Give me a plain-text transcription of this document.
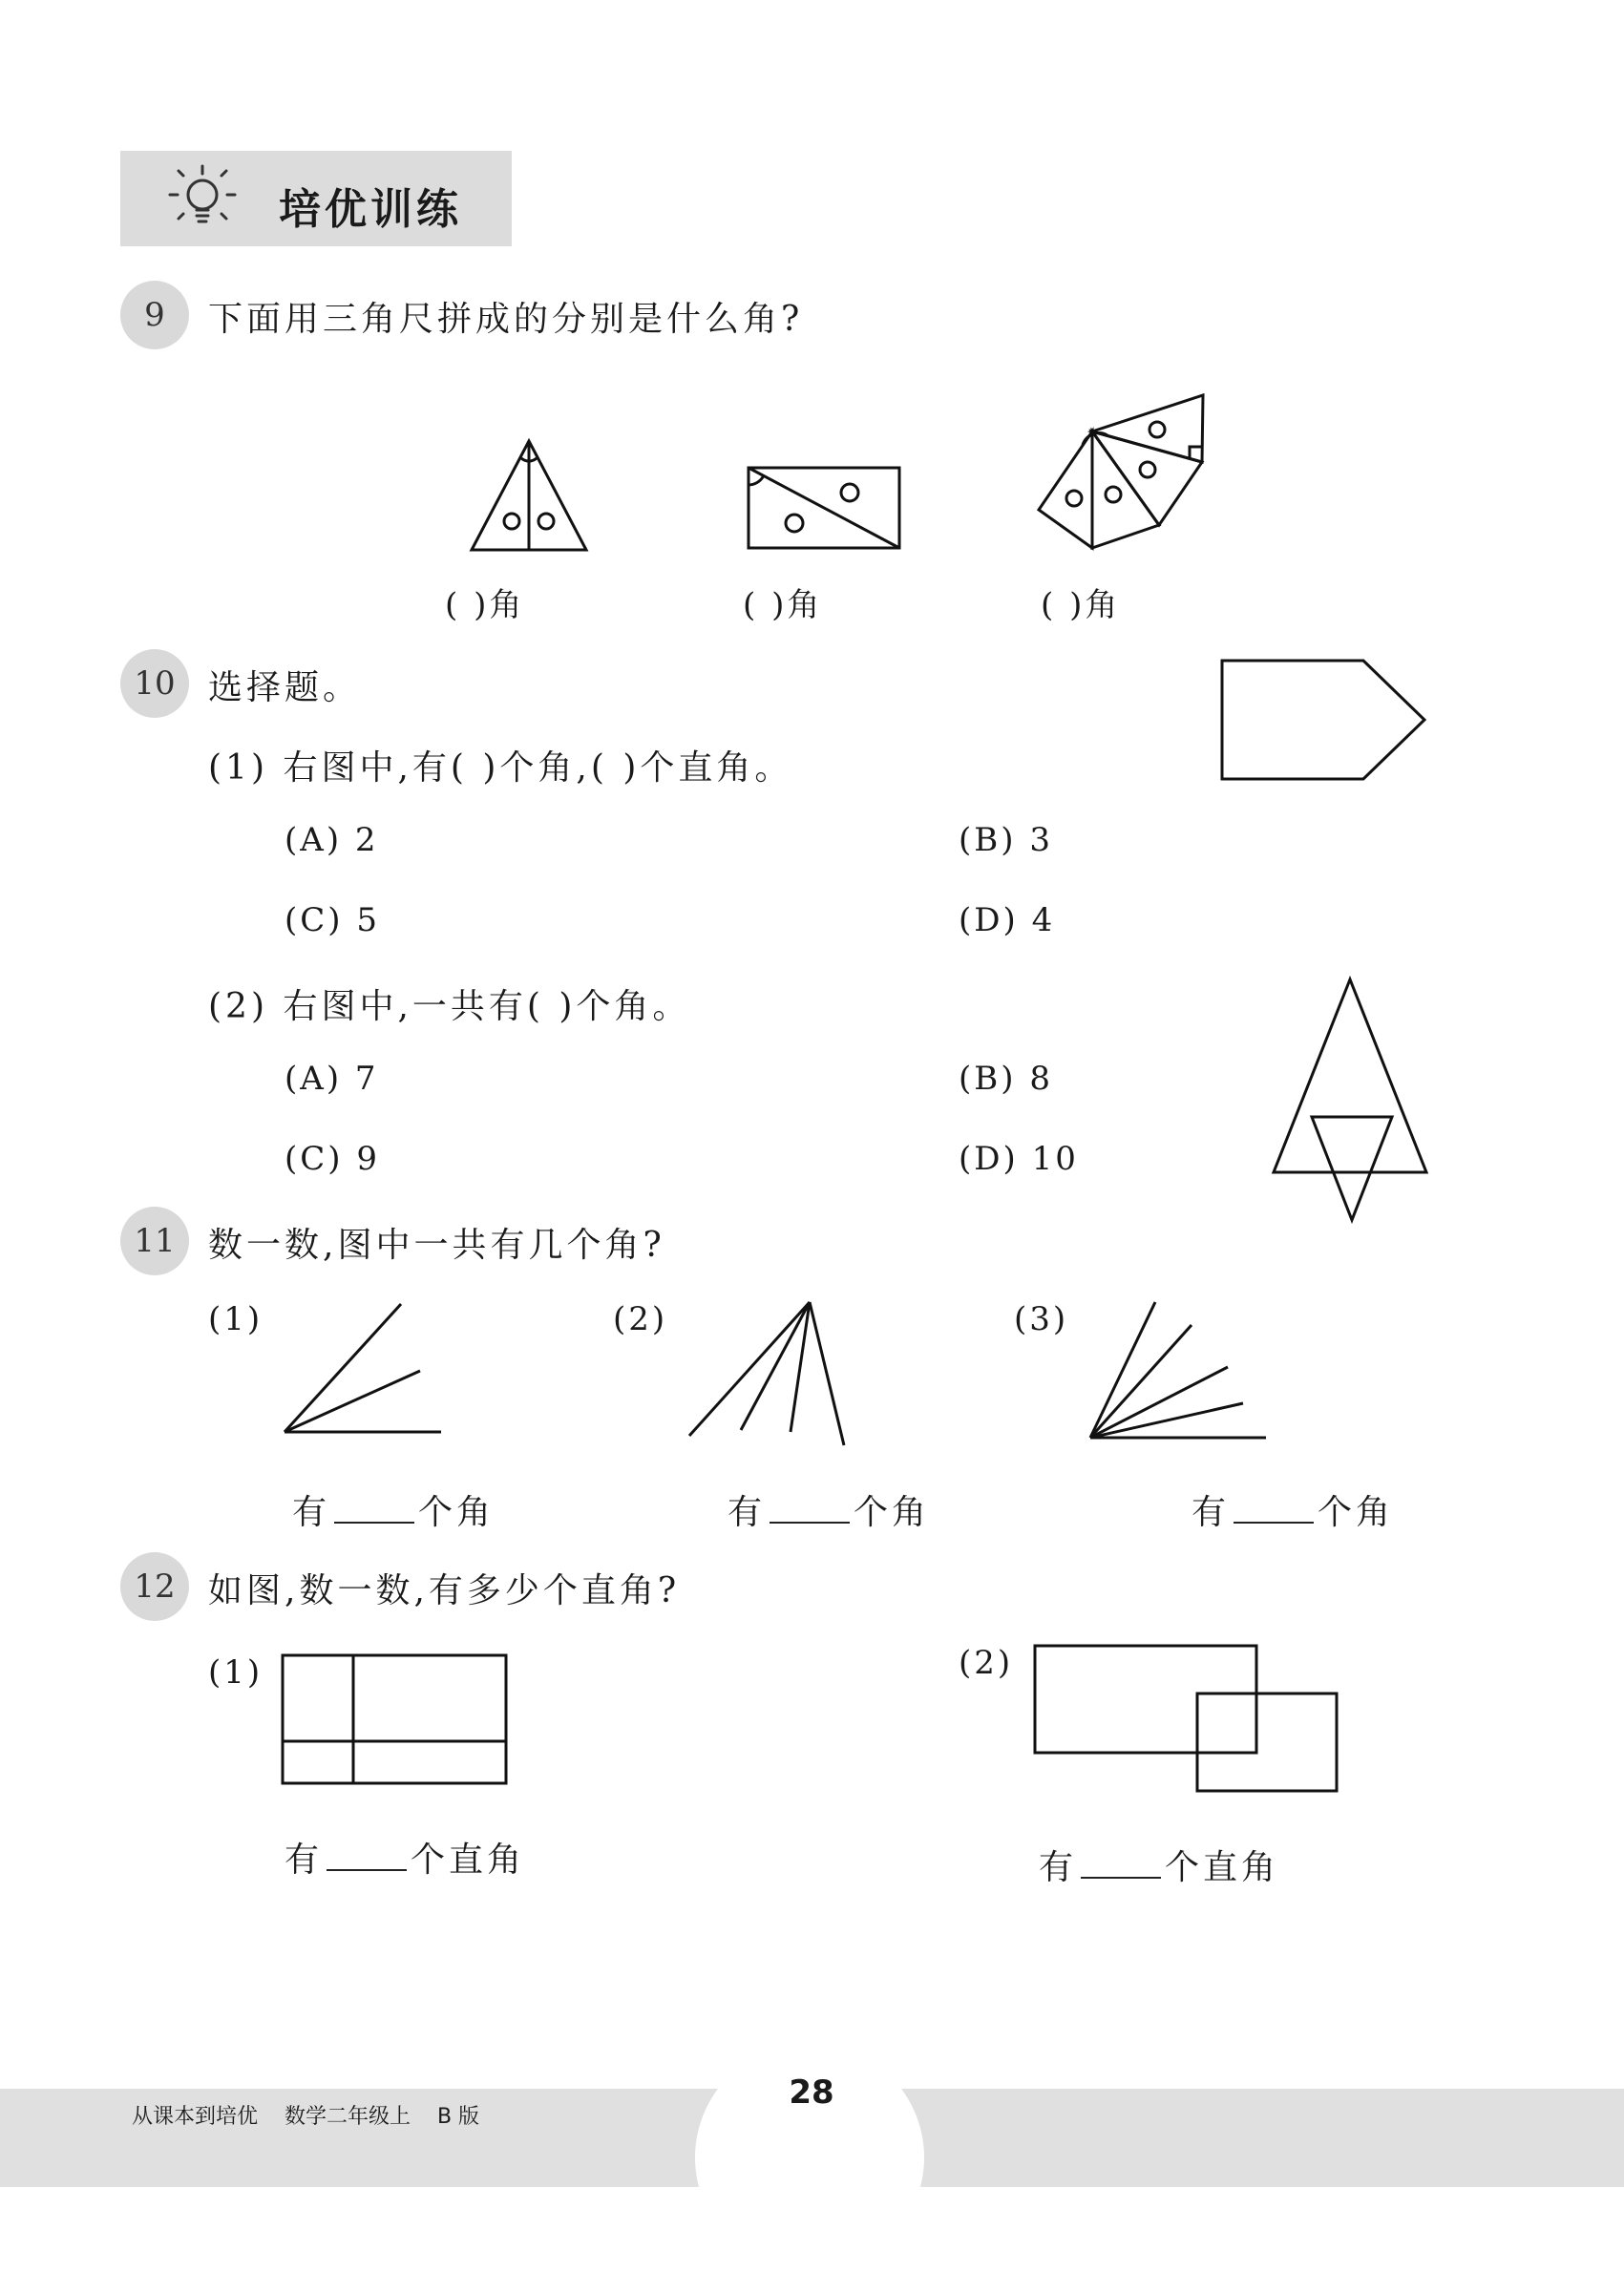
培优训练
9	下面用三角尺拼成的分别是什么角?
( )角	( )角	( )角
10 选择题。
(1) 右图中,有( )个角,( )个直角。
(A) 2	(B) 3
(C) 5	(D) 4
(2) 右图中,一共有( )个角。
(A) 7	(B) 8
(C) 9	(D) 10
11 数一数,图中一共有几个角?
(1)	(2)	(3)
有	个角	有	个角	有	个角
12 如图,数一数,有多少个直角?
(1)	(2)
有	个直角	有	个直角
从课本到培优    数学二年级上    B 版
28
